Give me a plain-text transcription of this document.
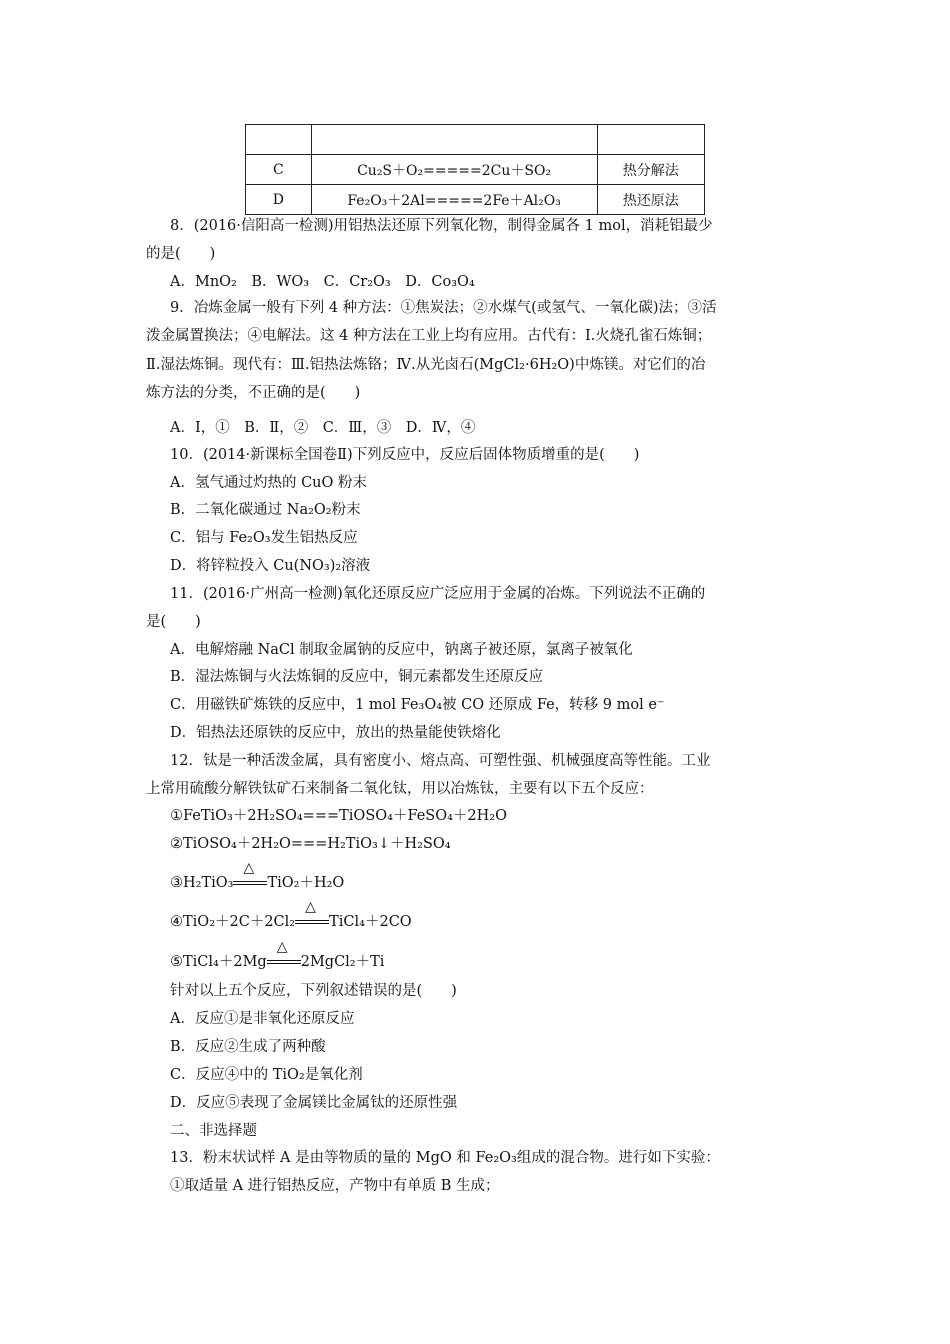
C	Cu₂S＋O₂=====2Cu＋SO₂	热分解法
D	Fe₂O₃＋2Al=====2Fe＋Al₂O₃	热还原法
8．(2016·信阳高一检测)用铝热法还原下列氧化物，制得金属各 1 mol，消耗铝最少
的是(　　)
A．MnO₂　B．WO₃　C．Cr₂O₃　D．Co₃O₄
9．冶炼金属一般有下列 4 种方法：①焦炭法；②水煤气(或氢气、一氧化碳)法；③活
泼金属置换法；④电解法。这 4 种方法在工业上均有应用。古代有：Ⅰ.火烧孔雀石炼铜；
Ⅱ.湿法炼铜。现代有：Ⅲ.铝热法炼铬；Ⅳ.从光卤石(MgCl₂·6H₂O)中炼镁。对它们的冶
炼方法的分类，不正确的是(　　)
A．Ⅰ，①　B．Ⅱ，②　C．Ⅲ，③　D．Ⅳ，④
10．(2014·新课标全国卷Ⅱ)下列反应中，反应后固体物质增重的是(　　)
A．氢气通过灼热的 CuO 粉末
B．二氧化碳通过 Na₂O₂粉末
C．铝与 Fe₂O₃发生铝热反应
D．将锌粒投入 Cu(NO₃)₂溶液
11．(2016·广州高一检测)氧化还原反应广泛应用于金属的冶炼。下列说法不正确的
是(　　)
A．电解熔融 NaCl 制取金属钠的反应中，钠离子被还原，氯离子被氧化
B．湿法炼铜与火法炼铜的反应中，铜元素都发生还原反应
C．用磁铁矿炼铁的反应中，1 mol Fe₃O₄被 CO 还原成 Fe，转移 9 mol e⁻
D．铝热法还原铁的反应中，放出的热量能使铁熔化
12．钛是一种活泼金属，具有密度小、熔点高、可塑性强、机械强度高等性能。工业
上常用硫酸分解铁钛矿石来制备二氧化钛，用以冶炼钛，主要有以下五个反应：
①FeTiO₃＋2H₂SO₄===TiOSO₄＋FeSO₄＋2H₂O
②TiOSO₄＋2H₂O===H₂TiO₃↓＋H₂SO₄
③H₂TiO₃
△
TiO₂＋H₂O
④TiO₂＋2C＋2Cl₂
△
TiCl₄＋2CO
⑤TiCl₄＋2Mg
△
2MgCl₂＋Ti
针对以上五个反应，下列叙述错误的是(　　)
A．反应①是非氧化还原反应
B．反应②生成了两种酸
C．反应④中的 TiO₂是氧化剂
D．反应⑤表现了金属镁比金属钛的还原性强
二、非选择题
13．粉末状试样 A 是由等物质的量的 MgO 和 Fe₂O₃组成的混合物。进行如下实验：
①取适量 A 进行铝热反应，产物中有单质 B 生成；
